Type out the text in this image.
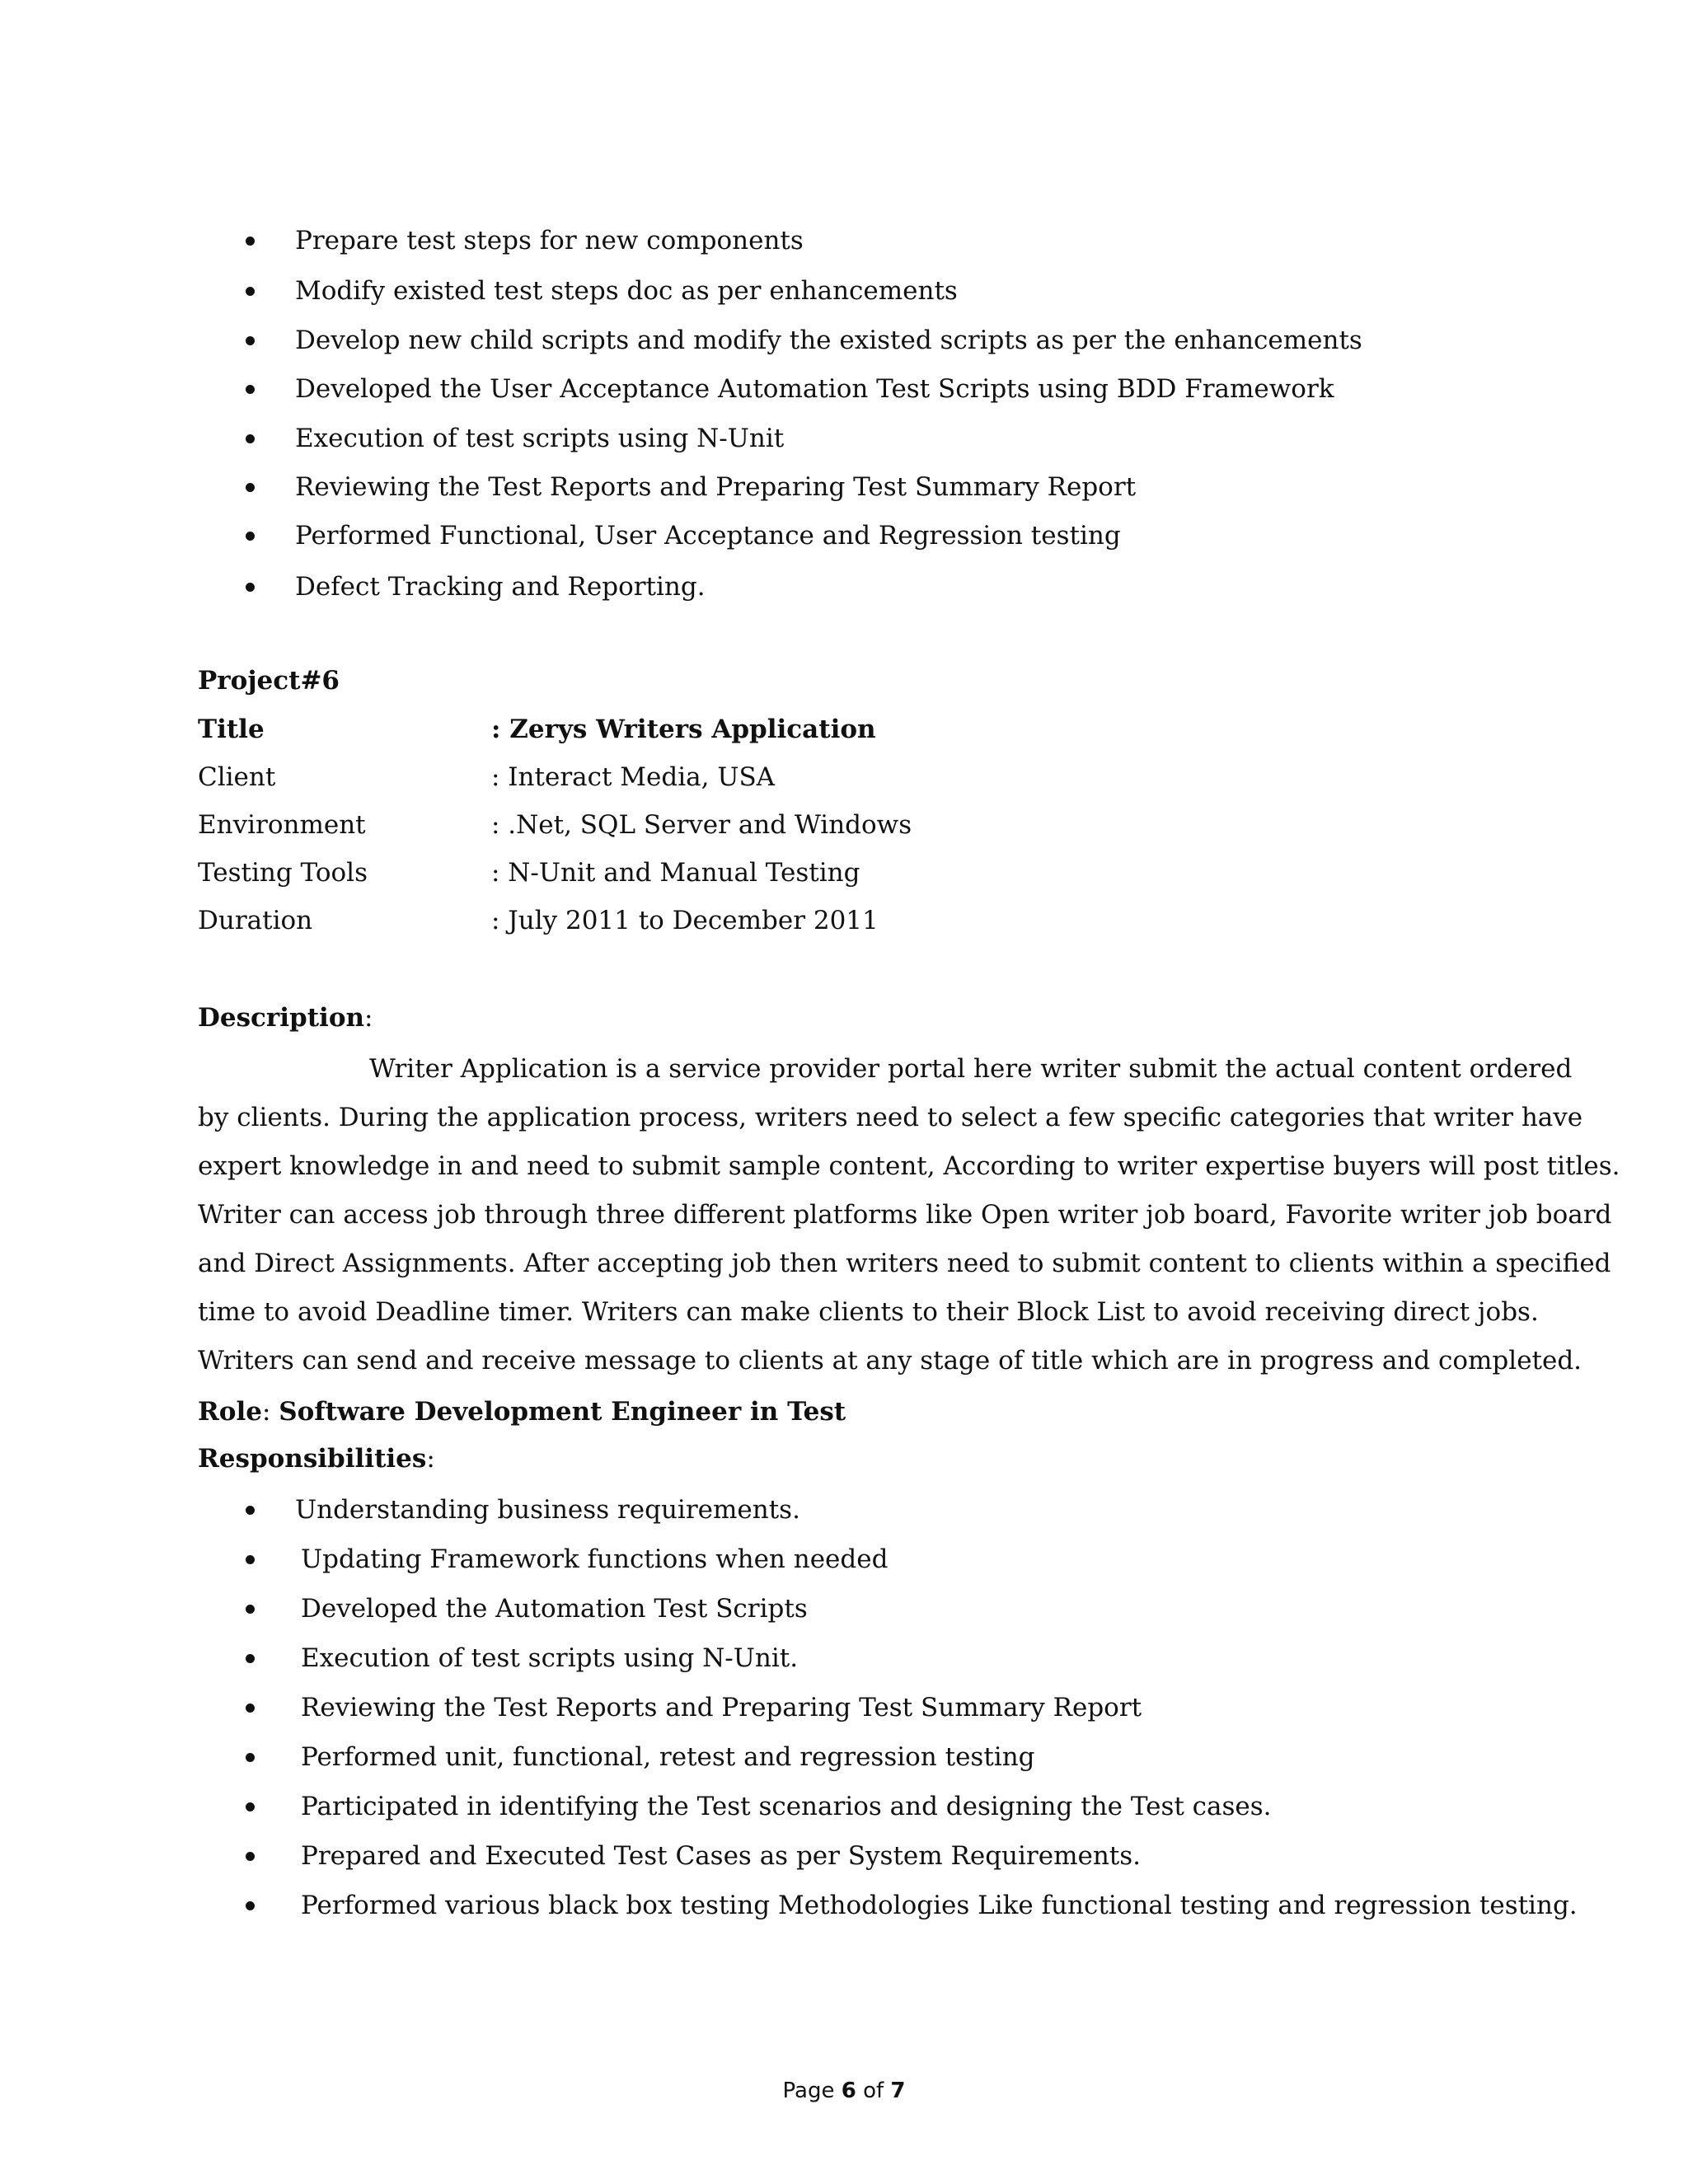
Prepare test steps for new components
Modify existed test steps doc as per enhancements
Develop new child scripts and modify the existed scripts as per the enhancements
Developed the User Acceptance Automation Test Scripts using BDD Framework
Execution of test scripts using N-Unit
Reviewing the Test Reports and Preparing Test Summary Report
Performed Functional, User Acceptance and Regression testing
Defect Tracking and Reporting.
Project#6
Title	: Zerys Writers Application
Client	: Interact Media, USA
Environment	: .Net, SQL Server and Windows
Testing Tools	: N-Unit and Manual Testing
Duration	: July 2011 to December 2011
Description:
Writer Application is a service provider portal here writer submit the actual content ordered
by clients. During the application process, writers need to select a few specific categories that writer have
expert knowledge in and need to submit sample content, According to writer expertise buyers will post titles.
Writer can access job through three different platforms like Open writer job board, Favorite writer job board
and Direct Assignments. After accepting job then writers need to submit content to clients within a specified
time to avoid Deadline timer. Writers can make clients to their Block List to avoid receiving direct jobs.
Writers can send and receive message to clients at any stage of title which are in progress and completed.
Role: Software Development Engineer in Test
Responsibilities:
Understanding business requirements.
Updating Framework functions when needed
Developed the Automation Test Scripts
Execution of test scripts using N-Unit.
Reviewing the Test Reports and Preparing Test Summary Report
Performed unit, functional, retest and regression testing
Participated in identifying the Test scenarios and designing the Test cases.
Prepared and Executed Test Cases as per System Requirements.
Performed various black box testing Methodologies Like functional testing and regression testing.
Page 6 of 7
